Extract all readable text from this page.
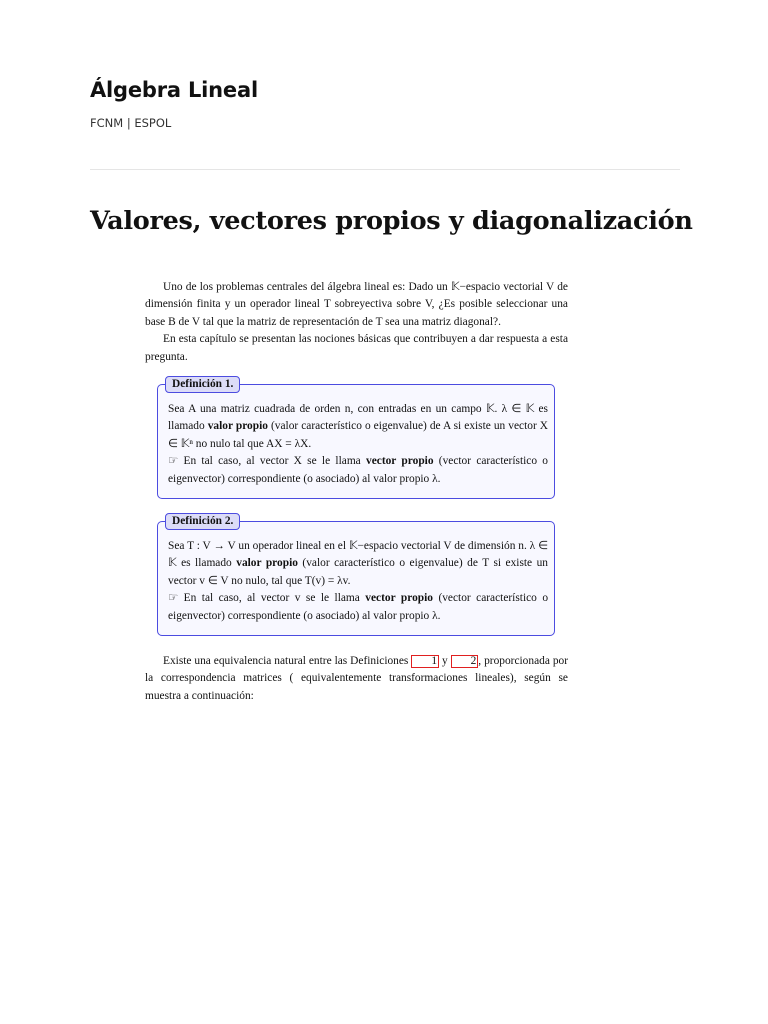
Álgebra Lineal
FCNM | ESPOL
Valores, vectores propios y diagonalización

Uno de los problemas centrales del álgebra lineal es: Dado un 𝕂−espacio vectorial V de dimensión finita y un operador lineal T sobreyectiva sobre V, ¿Es posible seleccionar una base B de V tal que la matriz de representación de T sea una matriz diagonal?.

En esta capítulo se presentan las nociones básicas que contribuyen a dar respuesta a esta pregunta.

Definición 1.
Sea A una matriz cuadrada de orden n, con entradas en un campo 𝕂. λ ∈ 𝕂 es llamado valor propio (valor característico o eigenvalue) de A si existe un vector X ∈ 𝕂ⁿ no nulo tal que AX = λX.
☞ En tal caso, al vector X se le llama vector propio (vector característico o eigenvector) correspondiente (o asociado) al valor propio λ.
Definición 2.
Sea T : V → V un operador lineal en el 𝕂−espacio vectorial V de dimensión n. λ ∈ 𝕂 es llamado valor propio (valor característico o eigenvalue) de T si existe un vector v ∈ V no nulo, tal que T(v) = λv.
☞ En tal caso, al vector v se le llama vector propio (vector característico o eigenvector) correspondiente (o asociado) al valor propio λ.

Existe una equivalencia natural entre las Definiciones 1 y 2 , proporcionada por la correspondencia matrices ( equivalentemente transformaciones lineales), según se muestra a continuación:
